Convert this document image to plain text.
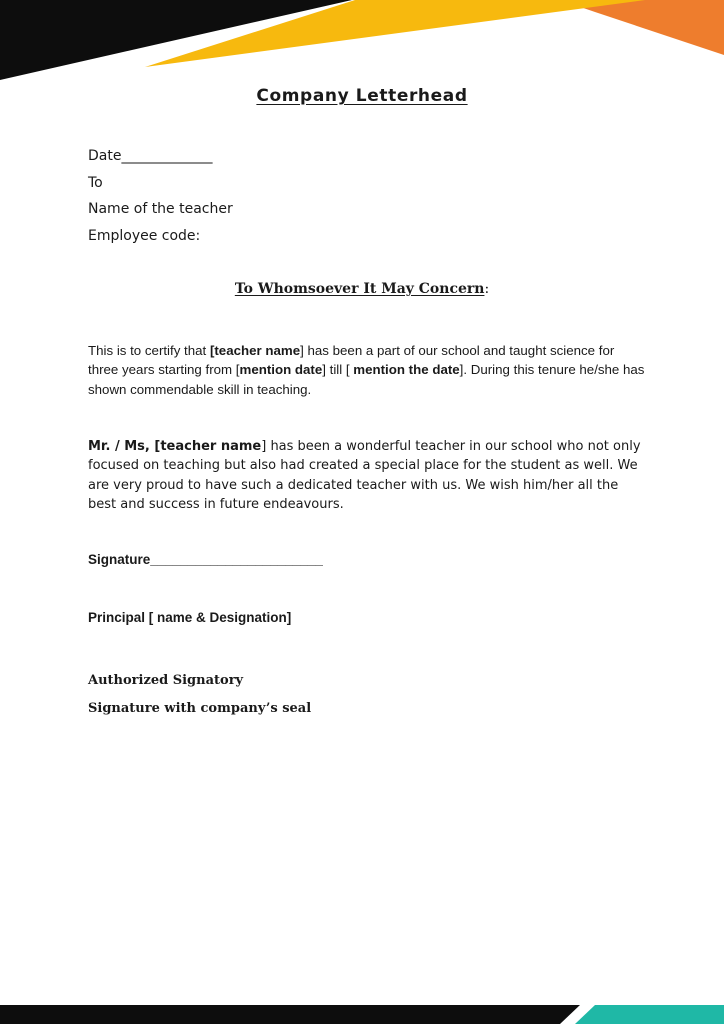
Company Letterhead
Date_____________
To
Name of the teacher
Employee code:
To Whomsoever It May Concern:
This is to certify that [teacher name] has been a part of our school and taught science for three years starting from [mention date] till [ mention the date]. During this tenure he/she has shown commendable skill in teaching.
Mr. / Ms, [teacher name] has been a wonderful teacher in our school who not only focused on teaching but also had created a special place for the student as well. We are very proud to have such a dedicated teacher with us. We wish him/her all the best and success in future endeavours.
Signature_______________________
Principal [ name & Designation]
Authorized Signatory
Signature with company’s seal
